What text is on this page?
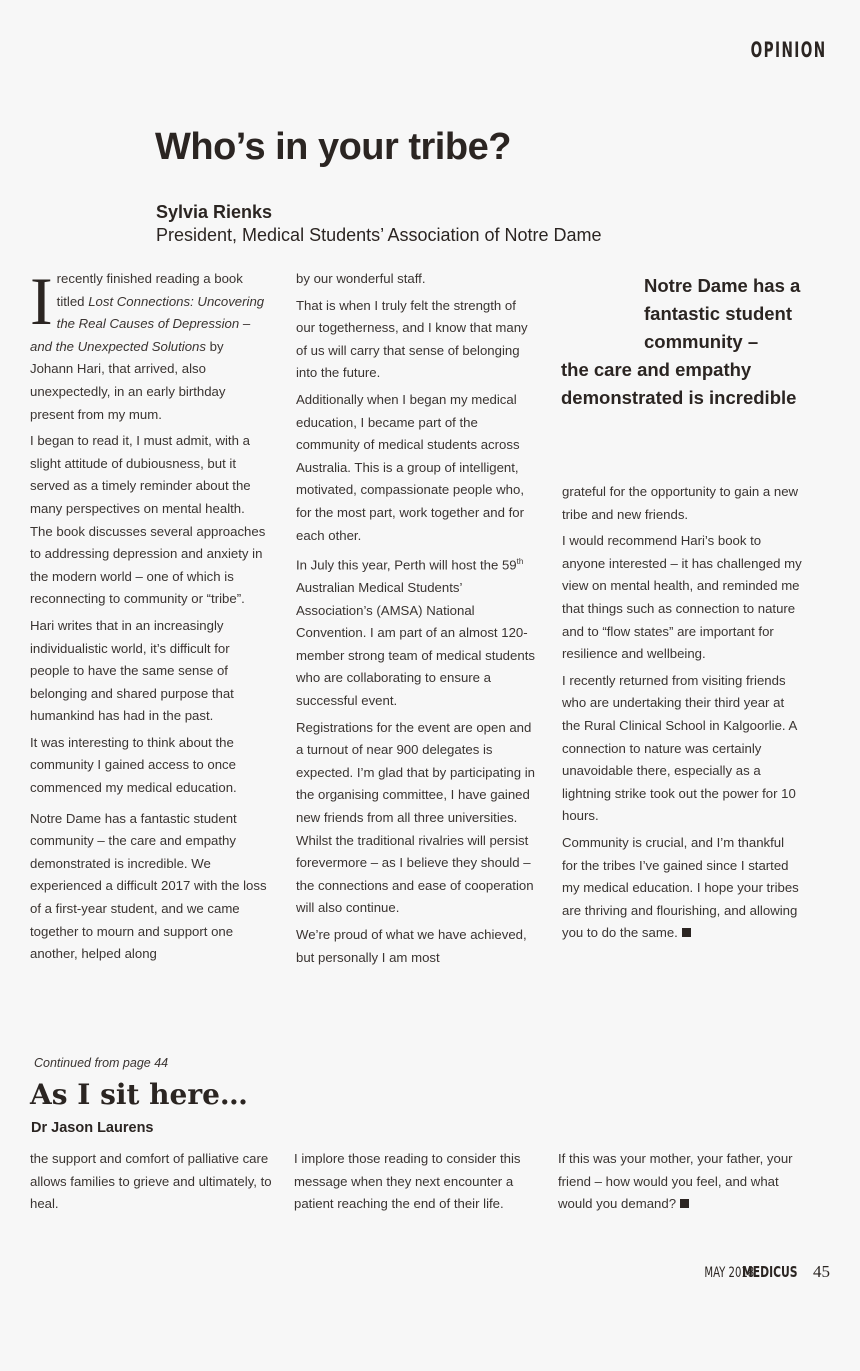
OPINION
Who’s in your tribe?
Sylvia Rienks
President, Medical Students’ Association of Notre Dame

I recently finished reading a book titled Lost Connections: Uncovering the Real Causes of Depression – and the Unexpected Solutions by Johann Hari, that arrived, also unexpectedly, in an early birthday present from my mum.

I began to read it, I must admit, with a slight attitude of dubiousness, but it served as a timely reminder about the many perspectives on mental health. The book discusses several approaches to addressing depression and anxiety in the modern world – one of which is reconnecting to community or “tribe”.

Hari writes that in an increasingly individualistic world, it’s difficult for people to have the same sense of belonging and shared purpose that humankind has had in the past.

It was interesting to think about the community I gained access to once commenced my medical education.

Notre Dame has a fantastic student community – the care and empathy demonstrated is incredible. We experienced a difficult 2017 with the loss of a first-year student, and we came together to mourn and support one another, helped along

by our wonderful staff.

That is when I truly felt the strength of our togetherness, and I know that many of us will carry that sense of belonging into the future.

Additionally when I began my medical education, I became part of the community of medical students across Australia. This is a group of intelligent, motivated, compassionate people who, for the most part, work together and for each other.

In July this year, Perth will host the 59th Australian Medical Students’ Association’s (AMSA) National Convention. I am part of an almost 120-member strong team of medical students who are collaborating to ensure a successful event.

Registrations for the event are open and a turnout of near 900 delegates is expected. I’m glad that by participating in the organising committee, I have gained new friends from all three universities. Whilst the traditional rivalries will persist forevermore – as I believe they should – the connections and ease of cooperation will also continue.

We’re proud of what we have achieved, but personally I am most

Notre Dame has a fantastic student community –
the care and empathy demonstrated is incredible

grateful for the opportunity to gain a new tribe and new friends.

I would recommend Hari’s book to anyone interested – it has challenged my view on mental health, and reminded me that things such as connection to nature and to “flow states” are important for resilience and wellbeing.

I recently returned from visiting friends who are undertaking their third year at the Rural Clinical School in Kalgoorlie. A connection to nature was certainly unavoidable there, especially as a lightning strike took out the power for 10 hours.

Community is crucial, and I’m thankful for the tribes I’ve gained since I started my medical education. I hope your tribes are thriving and flourishing, and allowing you to do the same.

Continued from page 44
As I sit here…
Dr Jason Laurens

the support and comfort of palliative care allows families to grieve and ultimately, to heal.

I implore those reading to consider this message when they next encounter a patient reaching the end of their life.

If this was your mother, your father, your friend – how would you feel, and what would you demand?

MAY 2018
MEDICUS 45
